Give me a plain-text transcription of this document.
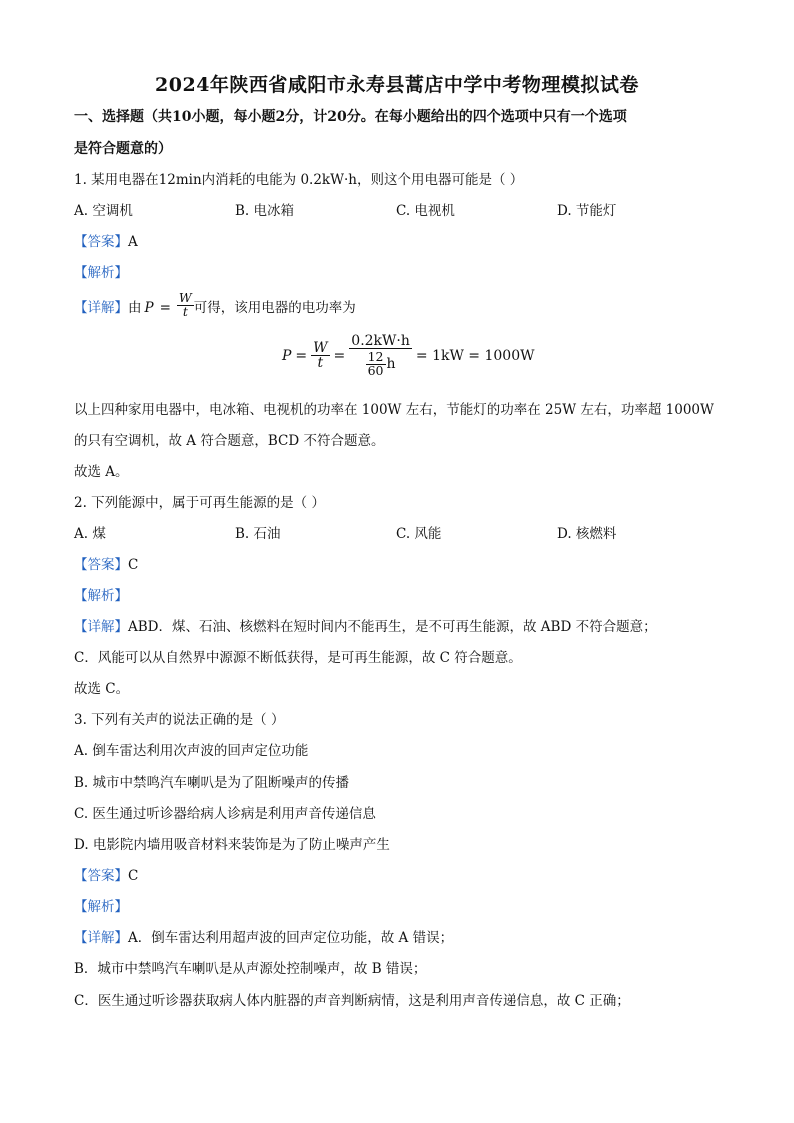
2024年陕西省咸阳市永寿县蒿店中学中考物理模拟试卷
一、选择题（共10小题，每小题2分，计20分。在每小题给出的四个选项中只有一个选项
是符合题意的）
1. 某用电器在12min内消耗的电能为 0.2kW·h，则这个用电器可能是（ ）
A. 空调机	B. 电冰箱	C. 电视机	D. 节能灯
【答案】A
【解析】
【详解】 由 $P = \frac{W}{t}$ 可得，该用电器的电功率为
$P = \frac{W}{t} = \frac{0.2kW\cdot h}{\frac{12}{60} h} = 1kW = 1000W$
以上四种家用电器中，电冰箱、电视机的功率在 100W 左右，节能灯的功率在 25W 左右，功率超 1000W
的只有空调机，故 A 符合题意，BCD 不符合题意。
故选 A。
2. 下列能源中，属于可再生能源的是（ ）
A. 煤	B. 石油	C. 风能	D. 核燃料
【答案】C
【解析】
【详解】ABD．煤、石油、核燃料在短时间内不能再生，是不可再生能源，故 ABD 不符合题意；
C．风能可以从自然界中源源不断低获得，是可再生能源，故 C 符合题意。
故选 C。
3. 下列有关声的说法正确的是（ ）
A. 倒车雷达利用次声波的回声定位功能
B. 城市中禁鸣汽车喇叭是为了阻断噪声的传播
C. 医生通过听诊器给病人诊病是利用声音传递信息
D. 电影院内墙用吸音材料来装饰是为了防止噪声产生
【答案】C
【解析】
【详解】A．倒车雷达利用超声波的回声定位功能，故 A 错误；
B．城市中禁鸣汽车喇叭是从声源处控制噪声，故 B 错误；
C．医生通过听诊器获取病人体内脏器的声音判断病情，这是利用声音传递信息，故 C 正确；
